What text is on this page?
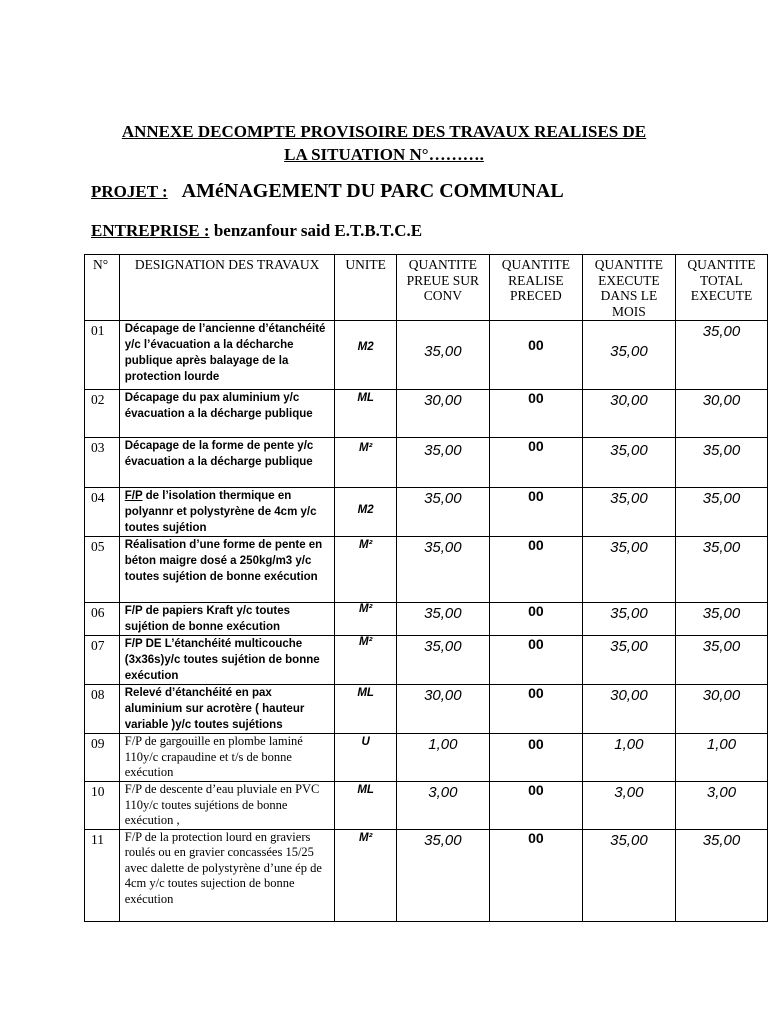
ANNEXE DECOMPTE PROVISOIRE DES TRAVAUX REALISES DE
LA SITUATION N°……….
PROJET : AMéNAGEMENT DU PARC COMMUNAL
ENTREPRISE : benzanfour said E.T.B.T.C.E
N°	DESIGNATION DES TRAVAUX	UNITE	QUANTITE PREUE SUR CONV	QUANTITE REALISE PRECED	QUANTITE EXECUTE DANS LE MOIS	QUANTITE TOTAL EXECUTE
01	Décapage de l’ancienne d’étanchéité y/c l’évacuation a la décharche publique après balayage de la protection lourde	M2	35,00	00	35,00	35,00
02	Décapage du pax aluminium y/c évacuation a la décharge publique	ML	30,00	00	30,00	30,00
03	Décapage de la forme de pente y/c évacuation a la décharge publique	M²	35,00	00	35,00	35,00
04	F/P de l’isolation thermique en polyannr et polystyrène de 4cm y/c toutes sujétion	M2	35,00	00	35,00	35,00
05	Réalisation d’une forme de pente en béton maigre dosé a 250kg/m3 y/c toutes sujétion de bonne exécution	M²	35,00	00	35,00	35,00
06	F/P de papiers Kraft y/c toutes sujétion de bonne exécution	M²	35,00	00	35,00	35,00
07	F/P DE L’étanchéité multicouche (3x36s)y/c toutes sujétion de bonne exécution	M²	35,00	00	35,00	35,00
08	Relevé d’étanchéité en pax aluminium sur acrotère ( hauteur variable )y/c toutes sujétions	ML	30,00	00	30,00	30,00
09	F/P de gargouille en plombe laminé 110y/c crapaudine et t/s de bonne exécution	U	1,00	00	1,00	1,00
10	F/P de descente d’eau pluviale en PVC 110y/c toutes sujétions de bonne exécution ,	ML	3,00	00	3,00	3,00
11	F/P de la protection lourd en graviers roulés ou en gravier concassées 15/25 avec dalette de polystyrène d’une ép de 4cm y/c toutes sujection de bonne exécution	M²	35,00	00	35,00	35,00
